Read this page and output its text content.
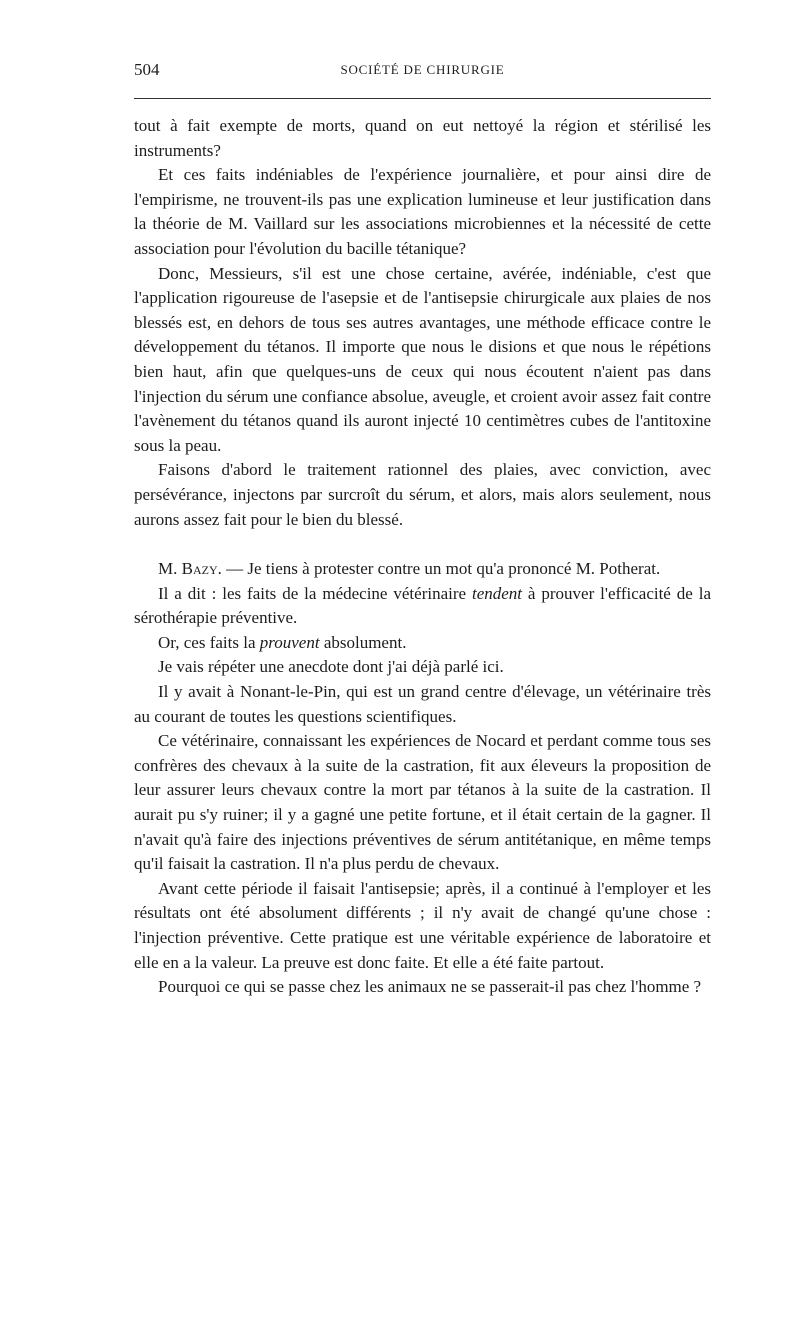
504	SOCIÉTÉ DE CHIRURGIE

tout à fait exempte de morts, quand on eut nettoyé la région et stérilisé les instruments?

Et ces faits indéniables de l'expérience journalière, et pour ainsi dire de l'empirisme, ne trouvent-ils pas une explication lumineuse et leur justification dans la théorie de M. Vaillard sur les associations microbiennes et la nécessité de cette association pour l'évolution du bacille tétanique?

Donc, Messieurs, s'il est une chose certaine, avérée, indéniable, c'est que l'application rigoureuse de l'asepsie et de l'antisepsie chirurgicale aux plaies de nos blessés est, en dehors de tous ses autres avantages, une méthode efficace contre le développement du tétanos. Il importe que nous le disions et que nous le répétions bien haut, afin que quelques-uns de ceux qui nous écoutent n'aient pas dans l'injection du sérum une confiance absolue, aveugle, et croient avoir assez fait contre l'avènement du tétanos quand ils auront injecté 10 centimètres cubes de l'antitoxine sous la peau.

Faisons d'abord le traitement rationnel des plaies, avec conviction, avec persévérance, injectons par surcroît du sérum, et alors, mais alors seulement, nous aurons assez fait pour le bien du blessé.

M. Bazy. — Je tiens à protester contre un mot qu'a prononcé M. Potherat.

Il a dit : les faits de la médecine vétérinaire tendent à prouver l'efficacité de la sérothérapie préventive.

Or, ces faits la prouvent absolument.

Je vais répéter une anecdote dont j'ai déjà parlé ici.

Il y avait à Nonant-le-Pin, qui est un grand centre d'élevage, un vétérinaire très au courant de toutes les questions scientifiques.

Ce vétérinaire, connaissant les expériences de Nocard et perdant comme tous ses confrères des chevaux à la suite de la castration, fit aux éleveurs la proposition de leur assurer leurs chevaux contre la mort par tétanos à la suite de la castration. Il aurait pu s'y ruiner; il y a gagné une petite fortune, et il était certain de la gagner. Il n'avait qu'à faire des injections préventives de sérum antitétanique, en même temps qu'il faisait la castration. Il n'a plus perdu de chevaux.

Avant cette période il faisait l'antisepsie; après, il a continué à l'employer et les résultats ont été absolument différents ; il n'y avait de changé qu'une chose : l'injection préventive. Cette pratique est une véritable expérience de laboratoire et elle en a la valeur. La preuve est donc faite. Et elle a été faite partout.

Pourquoi ce qui se passe chez les animaux ne se passerait-il pas chez l'homme ?
